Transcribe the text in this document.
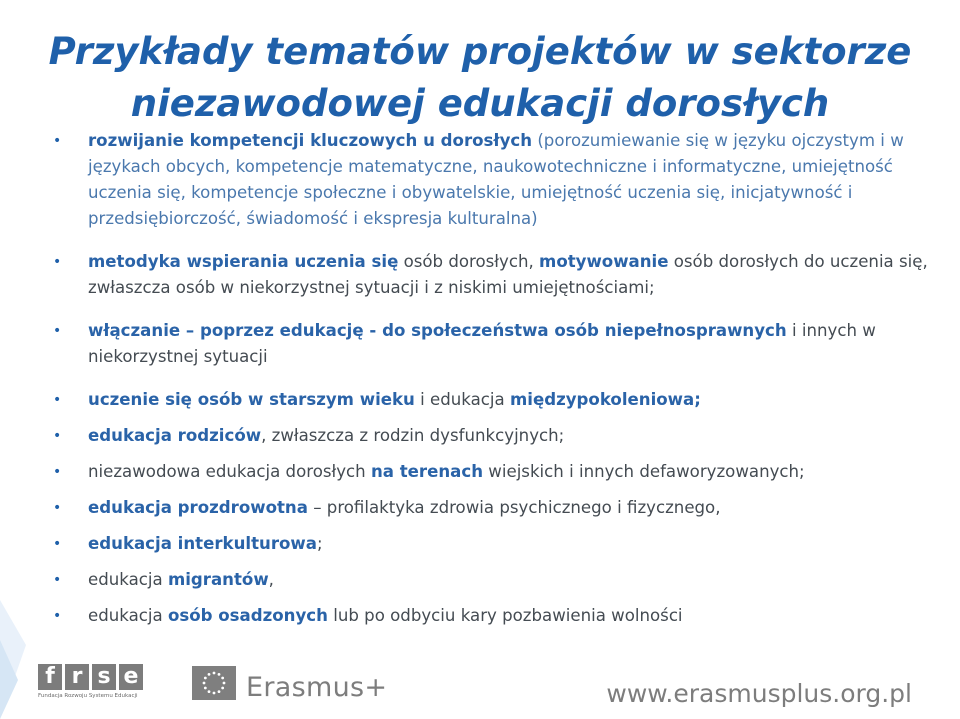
Przykłady tematów projektów w sektorze
niezawodowej edukacji dorosłych
• rozwijanie kompetencji kluczowych u dorosłych (porozumiewanie się w języku ojczystym i w językach obcych, kompetencje matematyczne, naukowotechniczne i informatyczne, umiejętność uczenia się, kompetencje społeczne i obywatelskie, umiejętność uczenia się, inicjatywność i przedsiębiorczość, świadomość i ekspresja kulturalna)
• metodyka wspierania uczenia się osób dorosłych, motywowanie osób dorosłych do uczenia się, zwłaszcza osób w niekorzystnej sytuacji i z niskimi umiejętnościami;
• włączanie – poprzez edukację - do społeczeństwa osób niepełnosprawnych i innych w niekorzystnej sytuacji
• uczenie się osób w starszym wieku i edukacja międzypokoleniowa;
• edukacja rodziców, zwłaszcza z rodzin dysfunkcyjnych;
• niezawodowa edukacja dorosłych na terenach wiejskich i innych defaworyzowanych;
• edukacja prozdrowotna – profilaktyka zdrowia psychicznego i fizycznego,
• edukacja interkulturowa;
• edukacja migrantów,
• edukacja osób osadzonych lub po odbyciu kary pozbawienia wolności
f r s e
Fundacja Rozwoju Systemu Edukacji	Erasmus+	www.erasmusplus.org.pl
